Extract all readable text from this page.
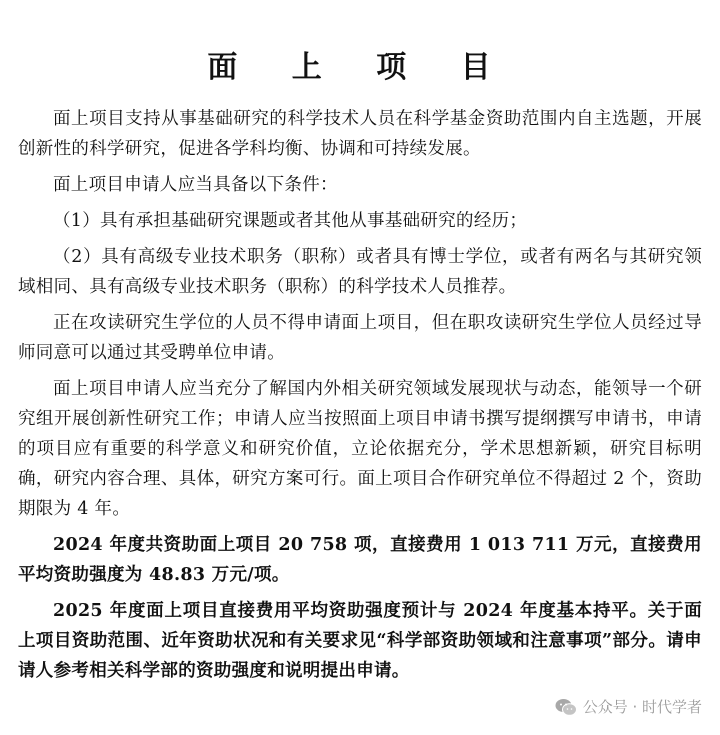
面 上 项 目

面上项目支持从事基础研究的科学技术人员在科学基金资助范围内自主选题，开展创新性的科学研究，促进各学科均衡、协调和可持续发展。

面上项目申请人应当具备以下条件：

（1）具有承担基础研究课题或者其他从事基础研究的经历；

（2）具有高级专业技术职务（职称）或者具有博士学位，或者有两名与其研究领域相同、具有高级专业技术职务（职称）的科学技术人员推荐。

正在攻读研究生学位的人员不得申请面上项目，但在职攻读研究生学位人员经过导师同意可以通过其受聘单位申请。

面上项目申请人应当充分了解国内外相关研究领域发展现状与动态，能领导一个研究组开展创新性研究工作；申请人应当按照面上项目申请书撰写提纲撰写申请书，申请的项目应有重要的科学意义和研究价值，立论依据充分，学术思想新颖，研究目标明确，研究内容合理、具体，研究方案可行。面上项目合作研究单位不得超过 2 个，资助期限为 4 年。

2024 年度共资助面上项目 20 758 项，直接费用 1 013 711 万元，直接费用平均资助强度为 48.83 万元/项。

2025 年度面上项目直接费用平均资助强度预计与 2024 年度基本持平。关于面上项目资助范围、近年资助状况和有关要求见“科学部资助领域和注意事项”部分。请申请人参考相关科学部的资助强度和说明提出申请。

公众号 · 时代学者
